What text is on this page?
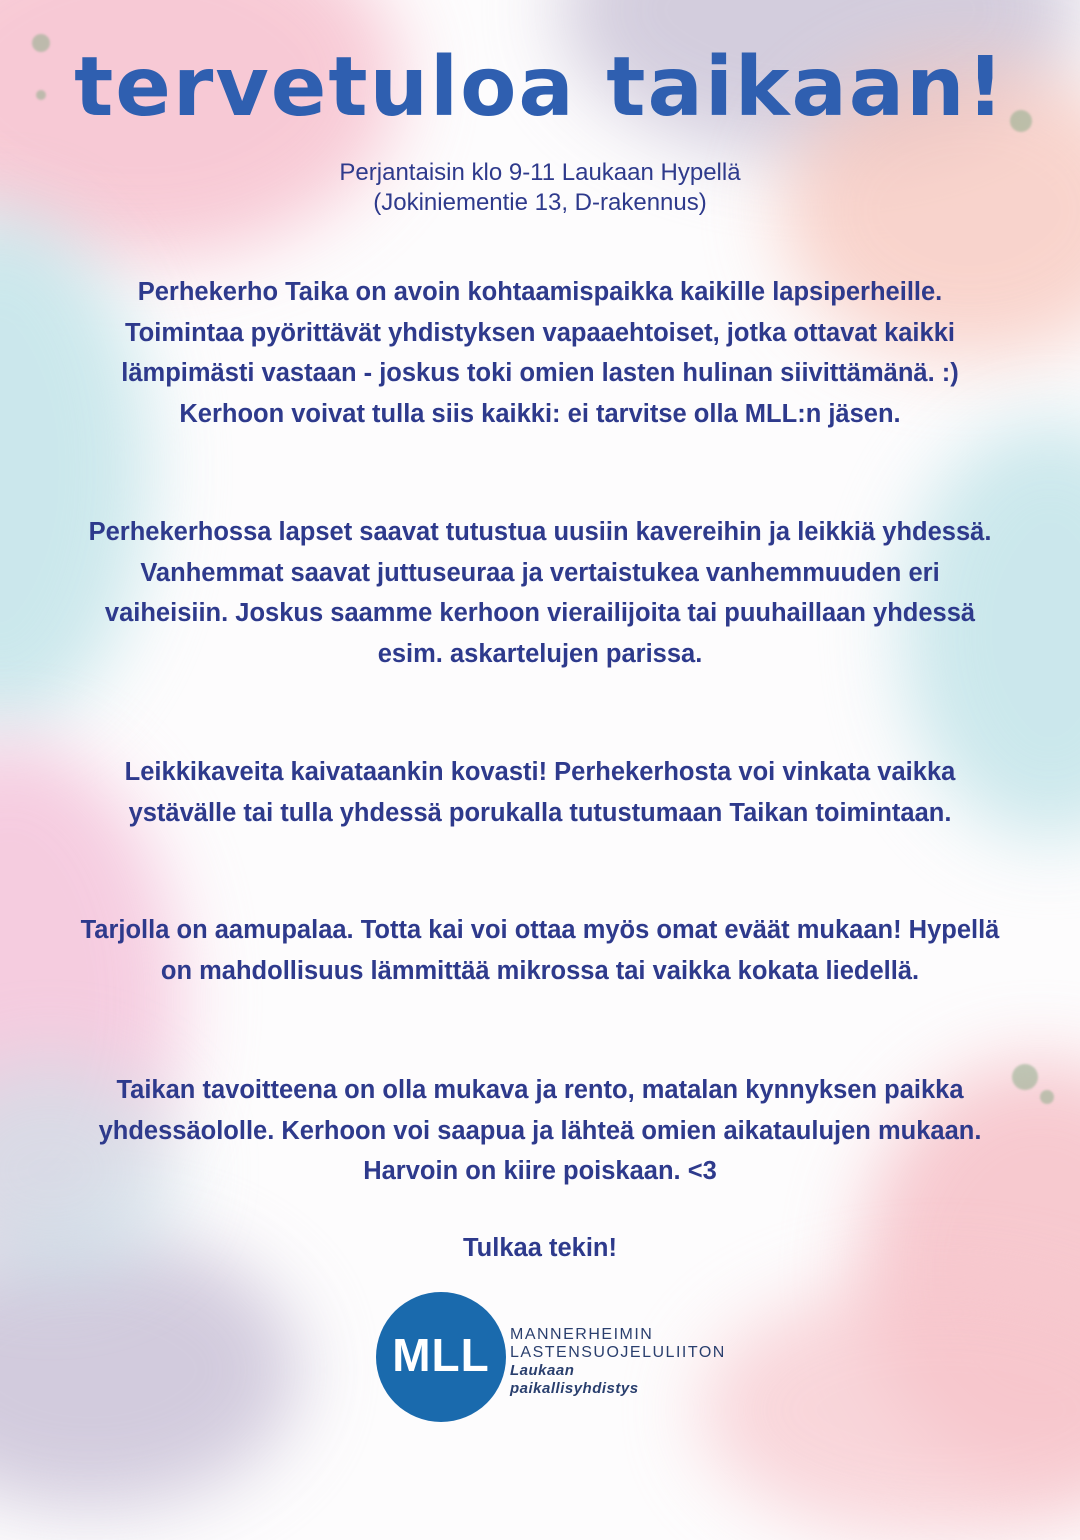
tervetuloa taikaan!
Perjantaisin klo 9-11 Laukaan Hypellä
(Jokiniementie 13, D-rakennus)
Perhekerho Taika on avoin kohtaamispaikka kaikille lapsiperheille. Toimintaa pyörittävät yhdistyksen vapaaehtoiset, jotka ottavat kaikki lämpimästi vastaan - joskus toki omien lasten hulinan siivittämänä. :) Kerhoon voivat tulla siis kaikki: ei tarvitse olla MLL:n jäsen.
Perhekerhossa lapset saavat tutustua uusiin kavereihin ja leikkiä yhdessä. Vanhemmat saavat juttuseuraa ja vertaistukea vanhemmuuden eri vaiheisiin. Joskus saamme kerhoon vierailijoita tai puuhaillaan yhdessä esim. askartelujen parissa.
Leikkikaveita kaivataankin kovasti! Perhekerhosta voi vinkata vaikka ystävälle tai tulla yhdessä porukalla tutustumaan Taikan toimintaan.
Tarjolla on aamupalaa. Totta kai voi ottaa myös omat eväät mukaan! Hypellä on mahdollisuus lämmittää mikrossa tai vaikka kokata liedellä.
Taikan tavoitteena on olla mukava ja rento, matalan kynnyksen paikka yhdessäololle. Kerhoon voi saapua ja lähteä omien aikataulujen mukaan. Harvoin on kiire poiskaan. <3
Tulkaa tekin!
MLL	MANNERHEIMIN
LASTENSUOJELULIITON
Laukaan
paikallisyhdistys
